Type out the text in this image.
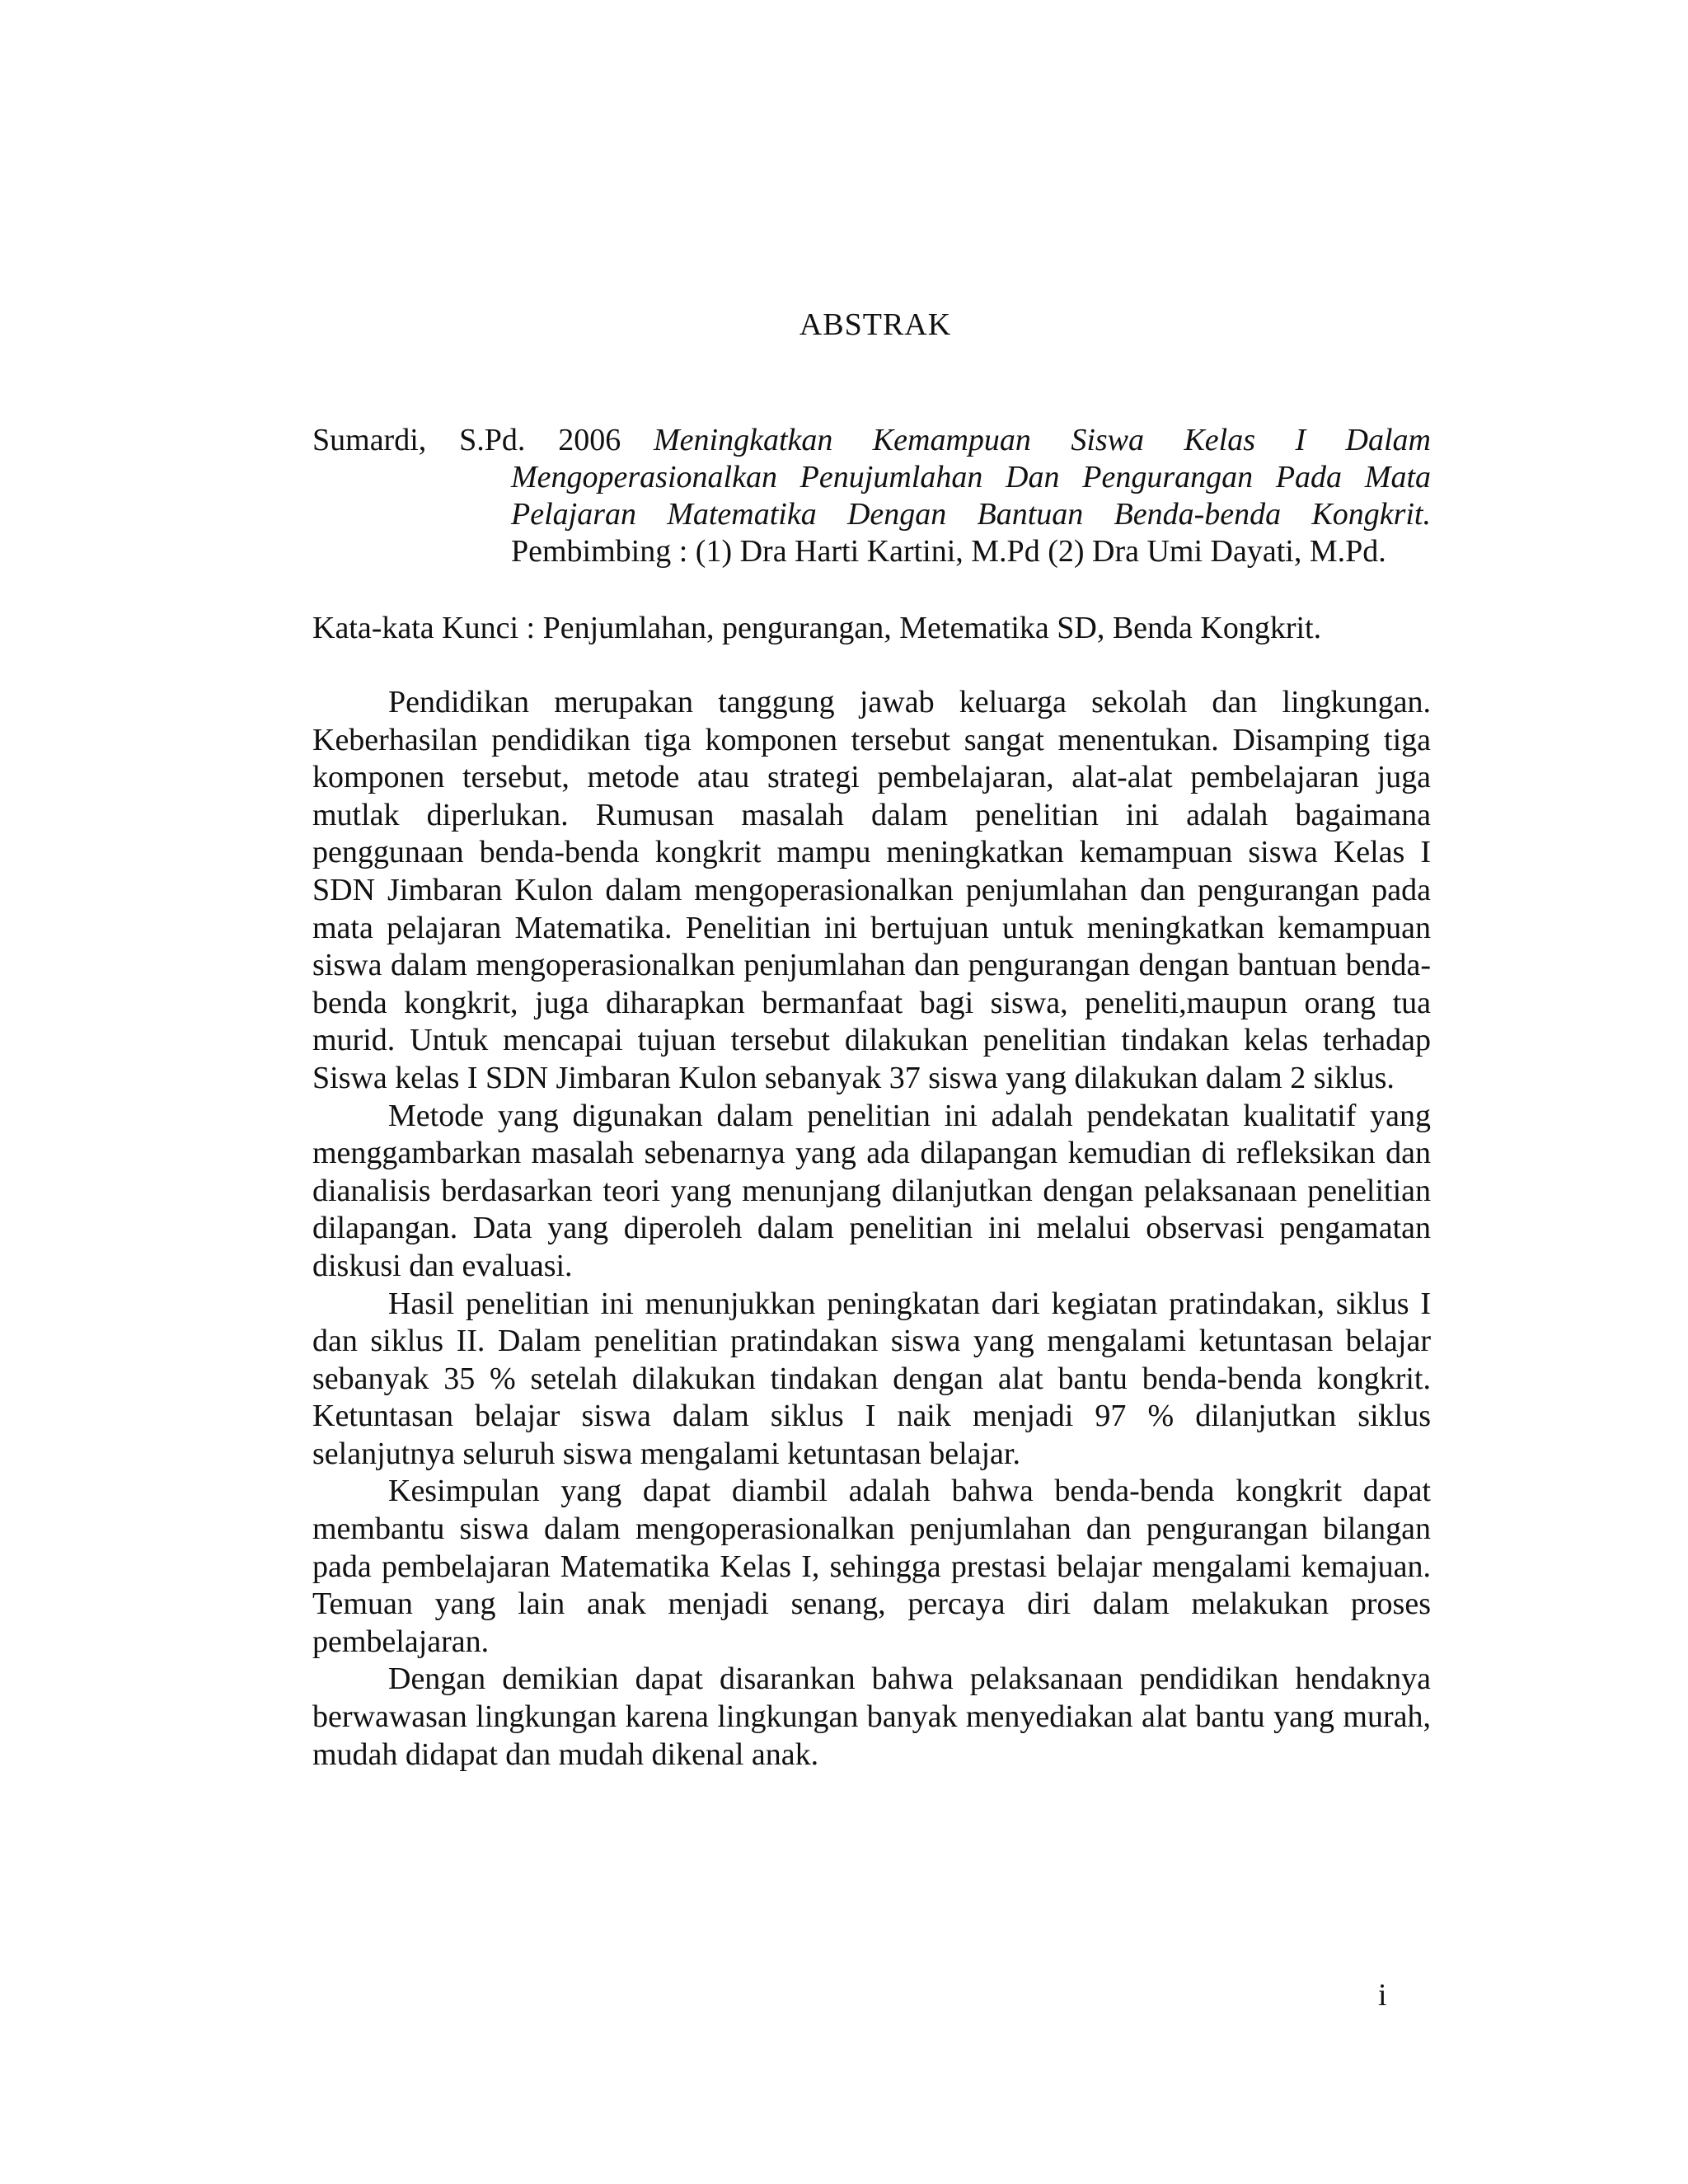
ABSTRAK
Sumardi, S.Pd. 2006 Meningkatkan Kemampuan Siswa Kelas I Dalam
Mengoperasionalkan Penujumlahan Dan Pengurangan Pada Mata
Pelajaran Matematika Dengan Bantuan Benda-benda Kongkrit.
Pembimbing : (1) Dra Harti Kartini, M.Pd (2) Dra Umi Dayati, M.Pd.
Kata-kata Kunci : Penjumlahan, pengurangan, Metematika SD, Benda Kongkrit.

Pendidikan merupakan tanggung jawab keluarga sekolah dan lingkungan. Keberhasilan pendidikan tiga komponen tersebut sangat menentukan. Disamping tiga komponen tersebut, metode atau strategi pembelajaran, alat-alat pembelajaran juga mutlak diperlukan. Rumusan masalah dalam penelitian ini adalah bagaimana penggunaan benda-benda kongkrit mampu meningkatkan kemampuan siswa Kelas I SDN Jimbaran Kulon dalam mengoperasionalkan penjumlahan dan pengurangan pada mata pelajaran Matematika. Penelitian ini bertujuan untuk meningkatkan kemampuan siswa dalam mengoperasionalkan penjumlahan dan pengurangan dengan bantuan benda-benda kongkrit, juga diharapkan bermanfaat bagi siswa, peneliti,maupun orang tua murid. Untuk mencapai tujuan tersebut dilakukan penelitian tindakan kelas terhadap Siswa kelas I SDN Jimbaran Kulon sebanyak 37 siswa yang dilakukan dalam 2 siklus.

Metode yang digunakan dalam penelitian ini adalah pendekatan kualitatif yang menggambarkan masalah sebenarnya yang ada dilapangan kemudian di refleksikan dan dianalisis berdasarkan teori yang menunjang dilanjutkan dengan pelaksanaan penelitian dilapangan. Data yang diperoleh dalam penelitian ini melalui observasi pengamatan diskusi dan evaluasi.

Hasil penelitian ini menunjukkan peningkatan dari kegiatan pratindakan, siklus I dan siklus II. Dalam penelitian pratindakan siswa yang mengalami ketuntasan belajar sebanyak 35 % setelah dilakukan tindakan dengan alat bantu benda-benda kongkrit. Ketuntasan belajar siswa dalam siklus I naik menjadi 97 % dilanjutkan siklus selanjutnya seluruh siswa mengalami ketuntasan belajar.

Kesimpulan yang dapat diambil adalah bahwa benda-benda kongkrit dapat membantu siswa dalam mengoperasionalkan penjumlahan dan pengurangan bilangan pada pembelajaran Matematika Kelas I, sehingga prestasi belajar mengalami kemajuan. Temuan yang lain anak menjadi senang, percaya diri dalam melakukan proses pembelajaran.

Dengan demikian dapat disarankan bahwa pelaksanaan pendidikan hendaknya berwawasan lingkungan karena lingkungan banyak menyediakan alat bantu yang murah, mudah didapat dan mudah dikenal anak.

i
